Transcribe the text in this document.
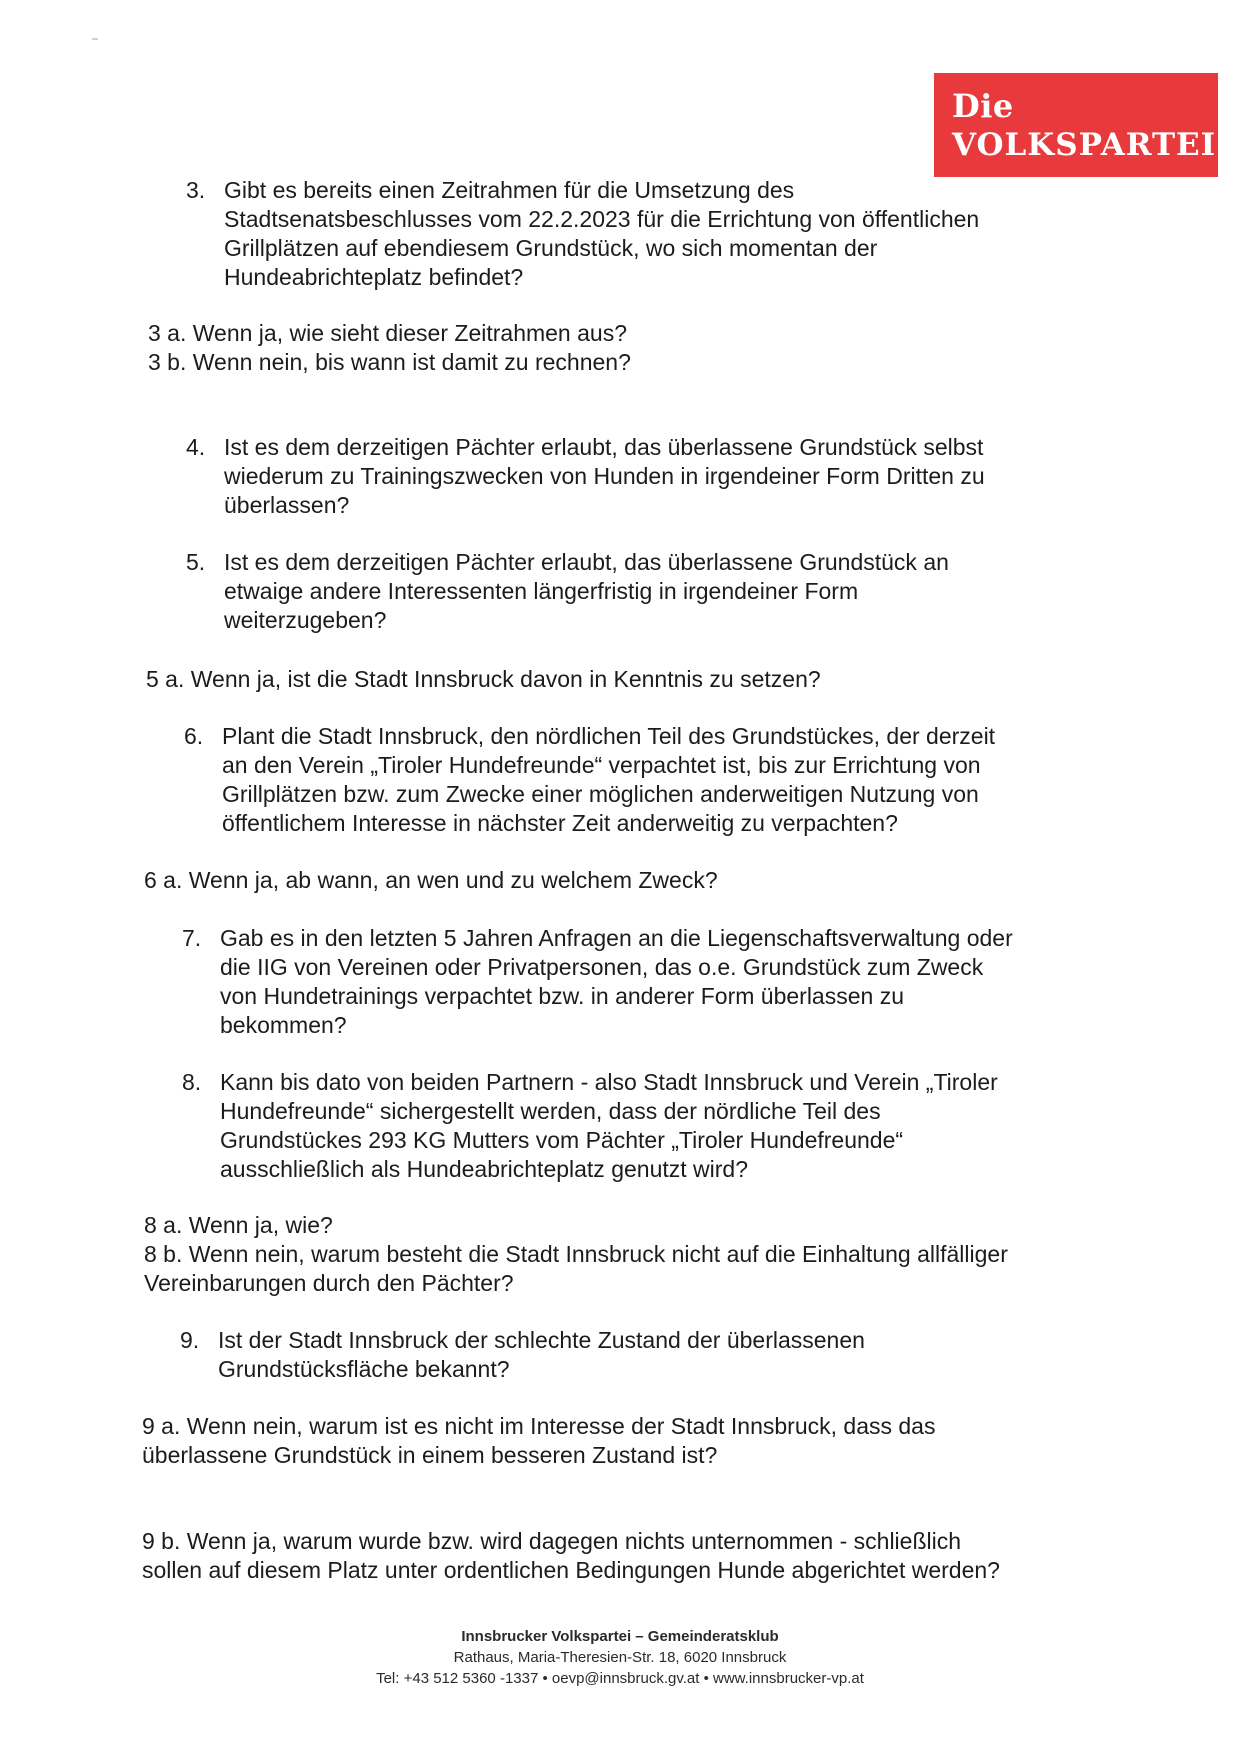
Die
VOLKSPARTEI
3. Gibt es bereits einen Zeitrahmen für die Umsetzung des
Stadtsenatsbeschlusses vom 22.2.2023 für die Errichtung von öffentlichen
Grillplätzen auf ebendiesem Grundstück, wo sich momentan der
Hundeabrichteplatz befindet?
3 a. Wenn ja, wie sieht dieser Zeitrahmen aus?
3 b. Wenn nein, bis wann ist damit zu rechnen?
4. Ist es dem derzeitigen Pächter erlaubt, das überlassene Grundstück selbst
wiederum zu Trainingszwecken von Hunden in irgendeiner Form Dritten zu
überlassen?
5. Ist es dem derzeitigen Pächter erlaubt, das überlassene Grundstück an
etwaige andere Interessenten längerfristig in irgendeiner Form
weiterzugeben?
5 a. Wenn ja, ist die Stadt Innsbruck davon in Kenntnis zu setzen?
6. Plant die Stadt Innsbruck, den nördlichen Teil des Grundstückes, der derzeit
an den Verein „Tiroler Hundefreunde“ verpachtet ist, bis zur Errichtung von
Grillplätzen bzw. zum Zwecke einer möglichen anderweitigen Nutzung von
öffentlichem Interesse in nächster Zeit anderweitig zu verpachten?
6 a. Wenn ja, ab wann, an wen und zu welchem Zweck?
7. Gab es in den letzten 5 Jahren Anfragen an die Liegenschaftsverwaltung oder
die IIG von Vereinen oder Privatpersonen, das o.e. Grundstück zum Zweck
von Hundetrainings verpachtet bzw. in anderer Form überlassen zu
bekommen?
8. Kann bis dato von beiden Partnern - also Stadt Innsbruck und Verein „Tiroler
Hundefreunde“ sichergestellt werden, dass der nördliche Teil des
Grundstückes 293 KG Mutters vom Pächter „Tiroler Hundefreunde“
ausschließlich als Hundeabrichteplatz genutzt wird?
8 a. Wenn ja, wie?
8 b. Wenn nein, warum besteht die Stadt Innsbruck nicht auf die Einhaltung allfälliger
Vereinbarungen durch den Pächter?
9. Ist der Stadt Innsbruck der schlechte Zustand der überlassenen
Grundstücksfläche bekannt?
9 a. Wenn nein, warum ist es nicht im Interesse der Stadt Innsbruck, dass das
überlassene Grundstück in einem besseren Zustand ist?
9 b. Wenn ja, warum wurde bzw. wird dagegen nichts unternommen - schließlich
sollen auf diesem Platz unter ordentlichen Bedingungen Hunde abgerichtet werden?
Innsbrucker Volkspartei – Gemeinderatsklub
Rathaus, Maria-Theresien-Str. 18, 6020 Innsbruck
Tel: +43 512 5360 -1337 • oevp@innsbruck.gv.at • www.innsbrucker-vp.at
